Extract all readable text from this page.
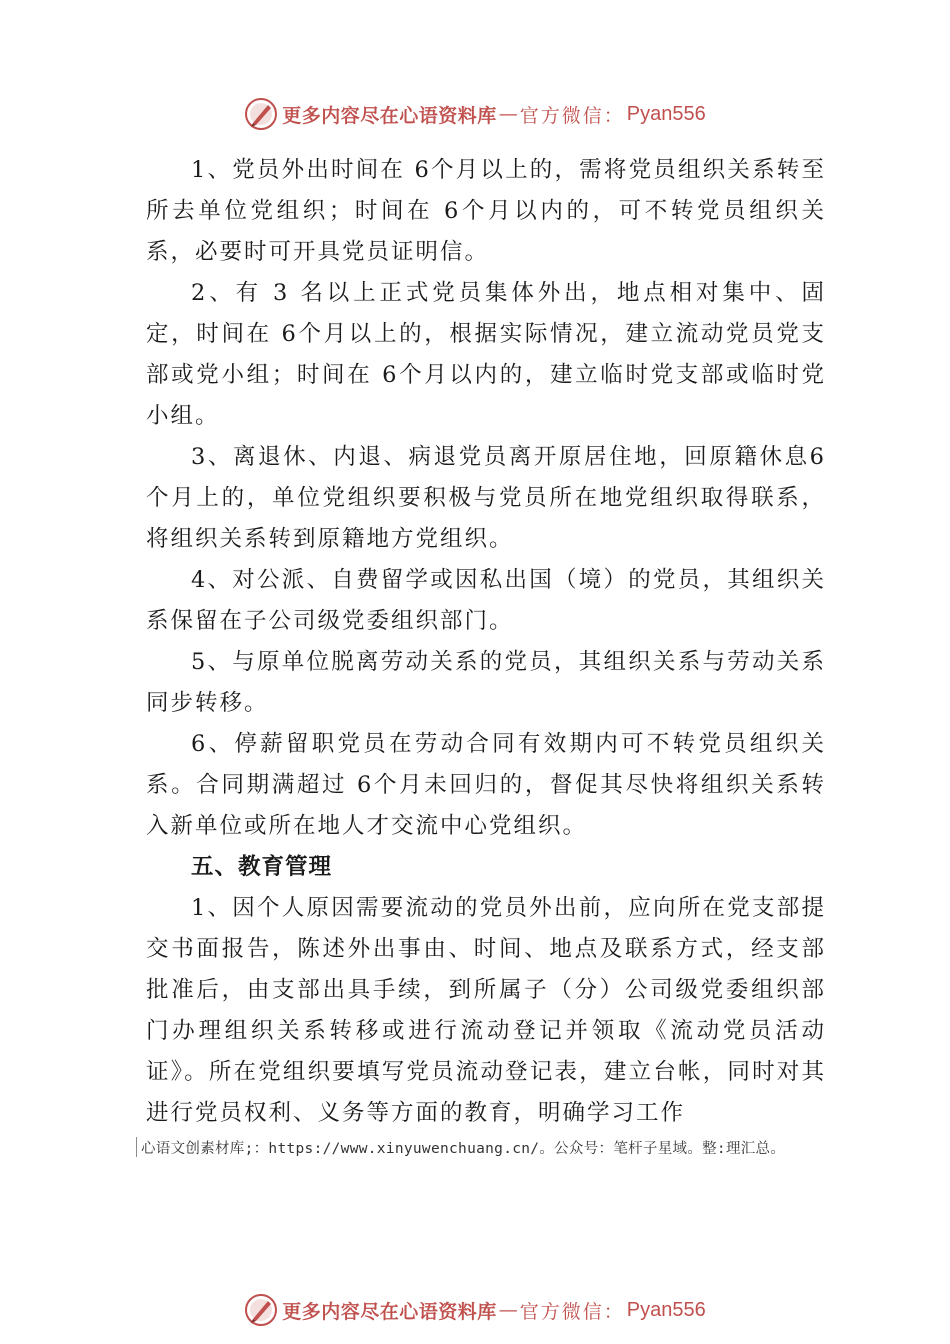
更多内容尽在心语资料库 — 官方微信： Pyan556

1、党员外出时间在 6个月以上的，需将党员组织关系转至所去单位党组织；时间在 6个月以内的，可不转党员组织关系，必要时可开具党员证明信。

2、有 3 名以上正式党员集体外出，地点相对集中、固定，时间在 6个月以上的，根据实际情况，建立流动党员党支部或党小组；时间在 6个月以内的，建立临时党支部或临时党小组。

3、离退休、内退、病退党员离开原居住地，回原籍休息6 个月上的，单位党组织要积极与党员所在地党组织取得联系，将组织关系转到原籍地方党组织。

4、对公派、自费留学或因私出国（境）的党员，其组织关系保留在子公司级党委组织部门。

5、与原单位脱离劳动关系的党员，其组织关系与劳动关系同步转移。

6、停薪留职党员在劳动合同有效期内可不转党员组织关系。合同期满超过 6个月未回归的，督促其尽快将组织关系转入新单位或所在地人才交流中心党组织。

五、教育管理

1、因个人原因需要流动的党员外出前，应向所在党支部提交书面报告，陈述外出事由、时间、地点及联系方式，经支部批准后，由支部出具手续，到所属子（分）公司级党委组织部门办理组织关系转移或进行流动登记并领取《流动党员活动证》。所在党组织要填写党员流动登记表，建立台帐，同时对其进行党员权利、义务等方面的教育，明确学习工作

心语文创素材库;：https://www.xinyuwenchuang.cn/。公众号：笔杆子星域。整:理汇总。
更多内容尽在心语资料库 — 官方微信： Pyan556
